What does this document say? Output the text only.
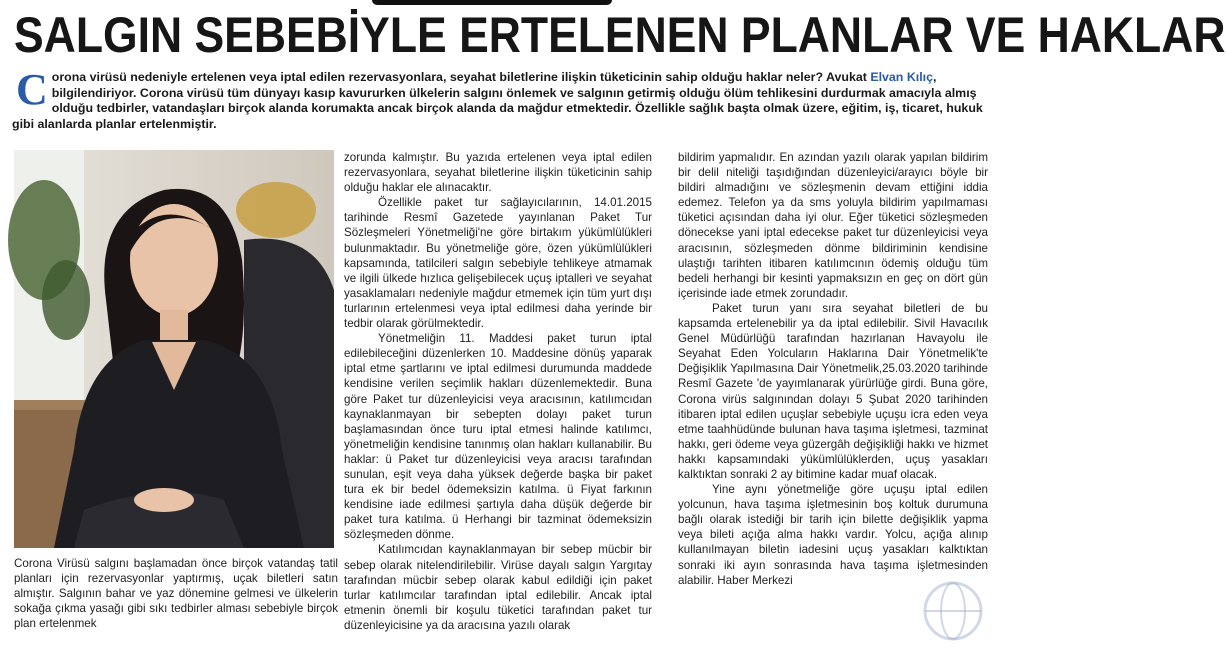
SALGIN SEBEBİYLE ERTELENEN PLANLAR VE HAKLAR
Corona virüsü nedeniyle ertelenen veya iptal edilen rezervasyonlara, seyahat biletlerine ilişkin tüketicinin sahip olduğu haklar neler? Avukat Elvan Kılıç, bilgilendiriyor. Corona virüsü tüm dünyayı kasıp kavururken ülkelerin salgını önlemek ve salgının getirmiş olduğu ölüm tehlikesini durdurmak amacıyla almış olduğu tedbirler, vatandaşları birçok alanda korumakta ancak birçok alanda da mağdur etmektedir. Özellikle sağlık başta olmak üzere, eğitim, iş, ticaret, hukuk gibi alanlarda planlar ertelenmiştir.
Corona Virüsü salgını başlamadan önce birçok vatandaş tatil planları için rezervasyonlar yaptırmış, uçak biletleri satın almıştır. Salgının bahar ve yaz dönemine gelmesi ve ülkelerin sokağa çıkma yasağı gibi sıkı tedbirler alması sebebiyle birçok plan ertelenmek

zorunda kalmıştır. Bu yazıda ertelenen veya iptal edilen rezervasyonlara, seyahat biletlerine ilişkin tüketicinin sahip olduğu haklar ele alınacaktır.

Özellikle paket tur sağlayıcılarının, 14.01.2015 tarihinde Resmî Gazetede yayınlanan Paket Tur Sözleşmeleri Yönetmeliği'ne göre birtakım yükümlülükleri bulunmaktadır. Bu yönetmeliğe göre, özen yükümlülükleri kapsamında, tatilcileri salgın sebebiyle tehlikeye atmamak ve ilgili ülkede hızlıca gelişebilecek uçuş iptalleri ve seyahat yasaklamaları nedeniyle mağdur etmemek için tüm yurt dışı turlarının ertelenmesi veya iptal edilmesi daha yerinde bir tedbir olarak görülmektedir.

Yönetmeliğin 11. Maddesi paket turun iptal edilebileceğini düzenlerken 10. Maddesine dönüş yaparak iptal etme şartlarını ve iptal edilmesi durumunda maddede kendisine verilen seçimlik hakları düzenlemektedir. Buna göre Paket tur düzenleyicisi veya aracısının, katılımcıdan kaynaklanmayan bir sebepten dolayı paket turun başlamasından önce turu iptal etmesi halinde katılımcı, yönetmeliğin kendisine tanınmış olan hakları kullanabilir. Bu haklar: ü Paket tur düzenleyicisi veya aracısı tarafından sunulan, eşit veya daha yüksek değerde başka bir paket tura ek bir bedel ödemeksizin katılma. ü Fiyat farkının kendisine iade edilmesi şartıyla daha düşük değerde bir paket tura katılma. ü Herhangi bir tazminat ödemeksizin sözleşmeden dönme.

Katılımcıdan kaynaklanmayan bir sebep mücbir bir sebep olarak nitelendirilebilir. Virüse dayalı salgın Yargıtay tarafından mücbir sebep olarak kabul edildiği için paket turlar katılımcılar tarafından iptal edilebilir. Ancak iptal etmenin önemli bir koşulu tüketici tarafından paket tur düzenleyicisine ya da aracısına yazılı olarak

bildirim yapmalıdır. En azından yazılı olarak yapılan bildirim bir delil niteliği taşıdığından düzenleyici/arayıcı böyle bir bildiri almadığını ve sözleşmenin devam ettiğini iddia edemez. Telefon ya da sms yoluyla bildirim yapılmaması tüketici açısından daha iyi olur. Eğer tüketici sözleşmeden dönecekse yani iptal edecekse paket tur düzenleyicisi veya aracısının, sözleşmeden dönme bildiriminin kendisine ulaştığı tarihten itibaren katılımcının ödemiş olduğu tüm bedeli herhangi bir kesinti yapmaksızın en geç on dört gün içerisinde iade etmek zorundadır.

Paket turun yanı sıra seyahat biletleri de bu kapsamda ertelenebilir ya da iptal edilebilir. Sivil Havacılık Genel Müdürlüğü tarafından hazırlanan Havayolu ile Seyahat Eden Yolcuların Haklarına Dair Yönetmelik'te Değişiklik Yapılmasına Dair Yönetmelik,25.03.2020 tarihinde Resmî Gazete 'de yayımlanarak yürürlüğe girdi. Buna göre, Corona virüs salgınından dolayı 5 Şubat 2020 tarihinden itibaren iptal edilen uçuşlar sebebiyle uçuşu icra eden veya etme taahhüdünde bulunan hava taşıma işletmesi, tazminat hakkı, geri ödeme veya güzergâh değişikliği hakkı ve hizmet hakkı kapsamındaki yükümlülüklerden, uçuş yasakları kalktıktan sonraki 2 ay bitimine kadar muaf olacak.

Yine aynı yönetmeliğe göre uçuşu iptal edilen yolcunun, hava taşıma işletmesinin boş koltuk durumuna bağlı olarak istediği bir tarih için bilette değişiklik yapma veya bileti açığa alma hakkı vardır. Yolcu, açığa alınıp kullanılmayan biletin iadesini uçuş yasakları kalktıktan sonraki iki ayın sonrasında hava taşıma işletmesinden alabilir. Haber Merkezi
